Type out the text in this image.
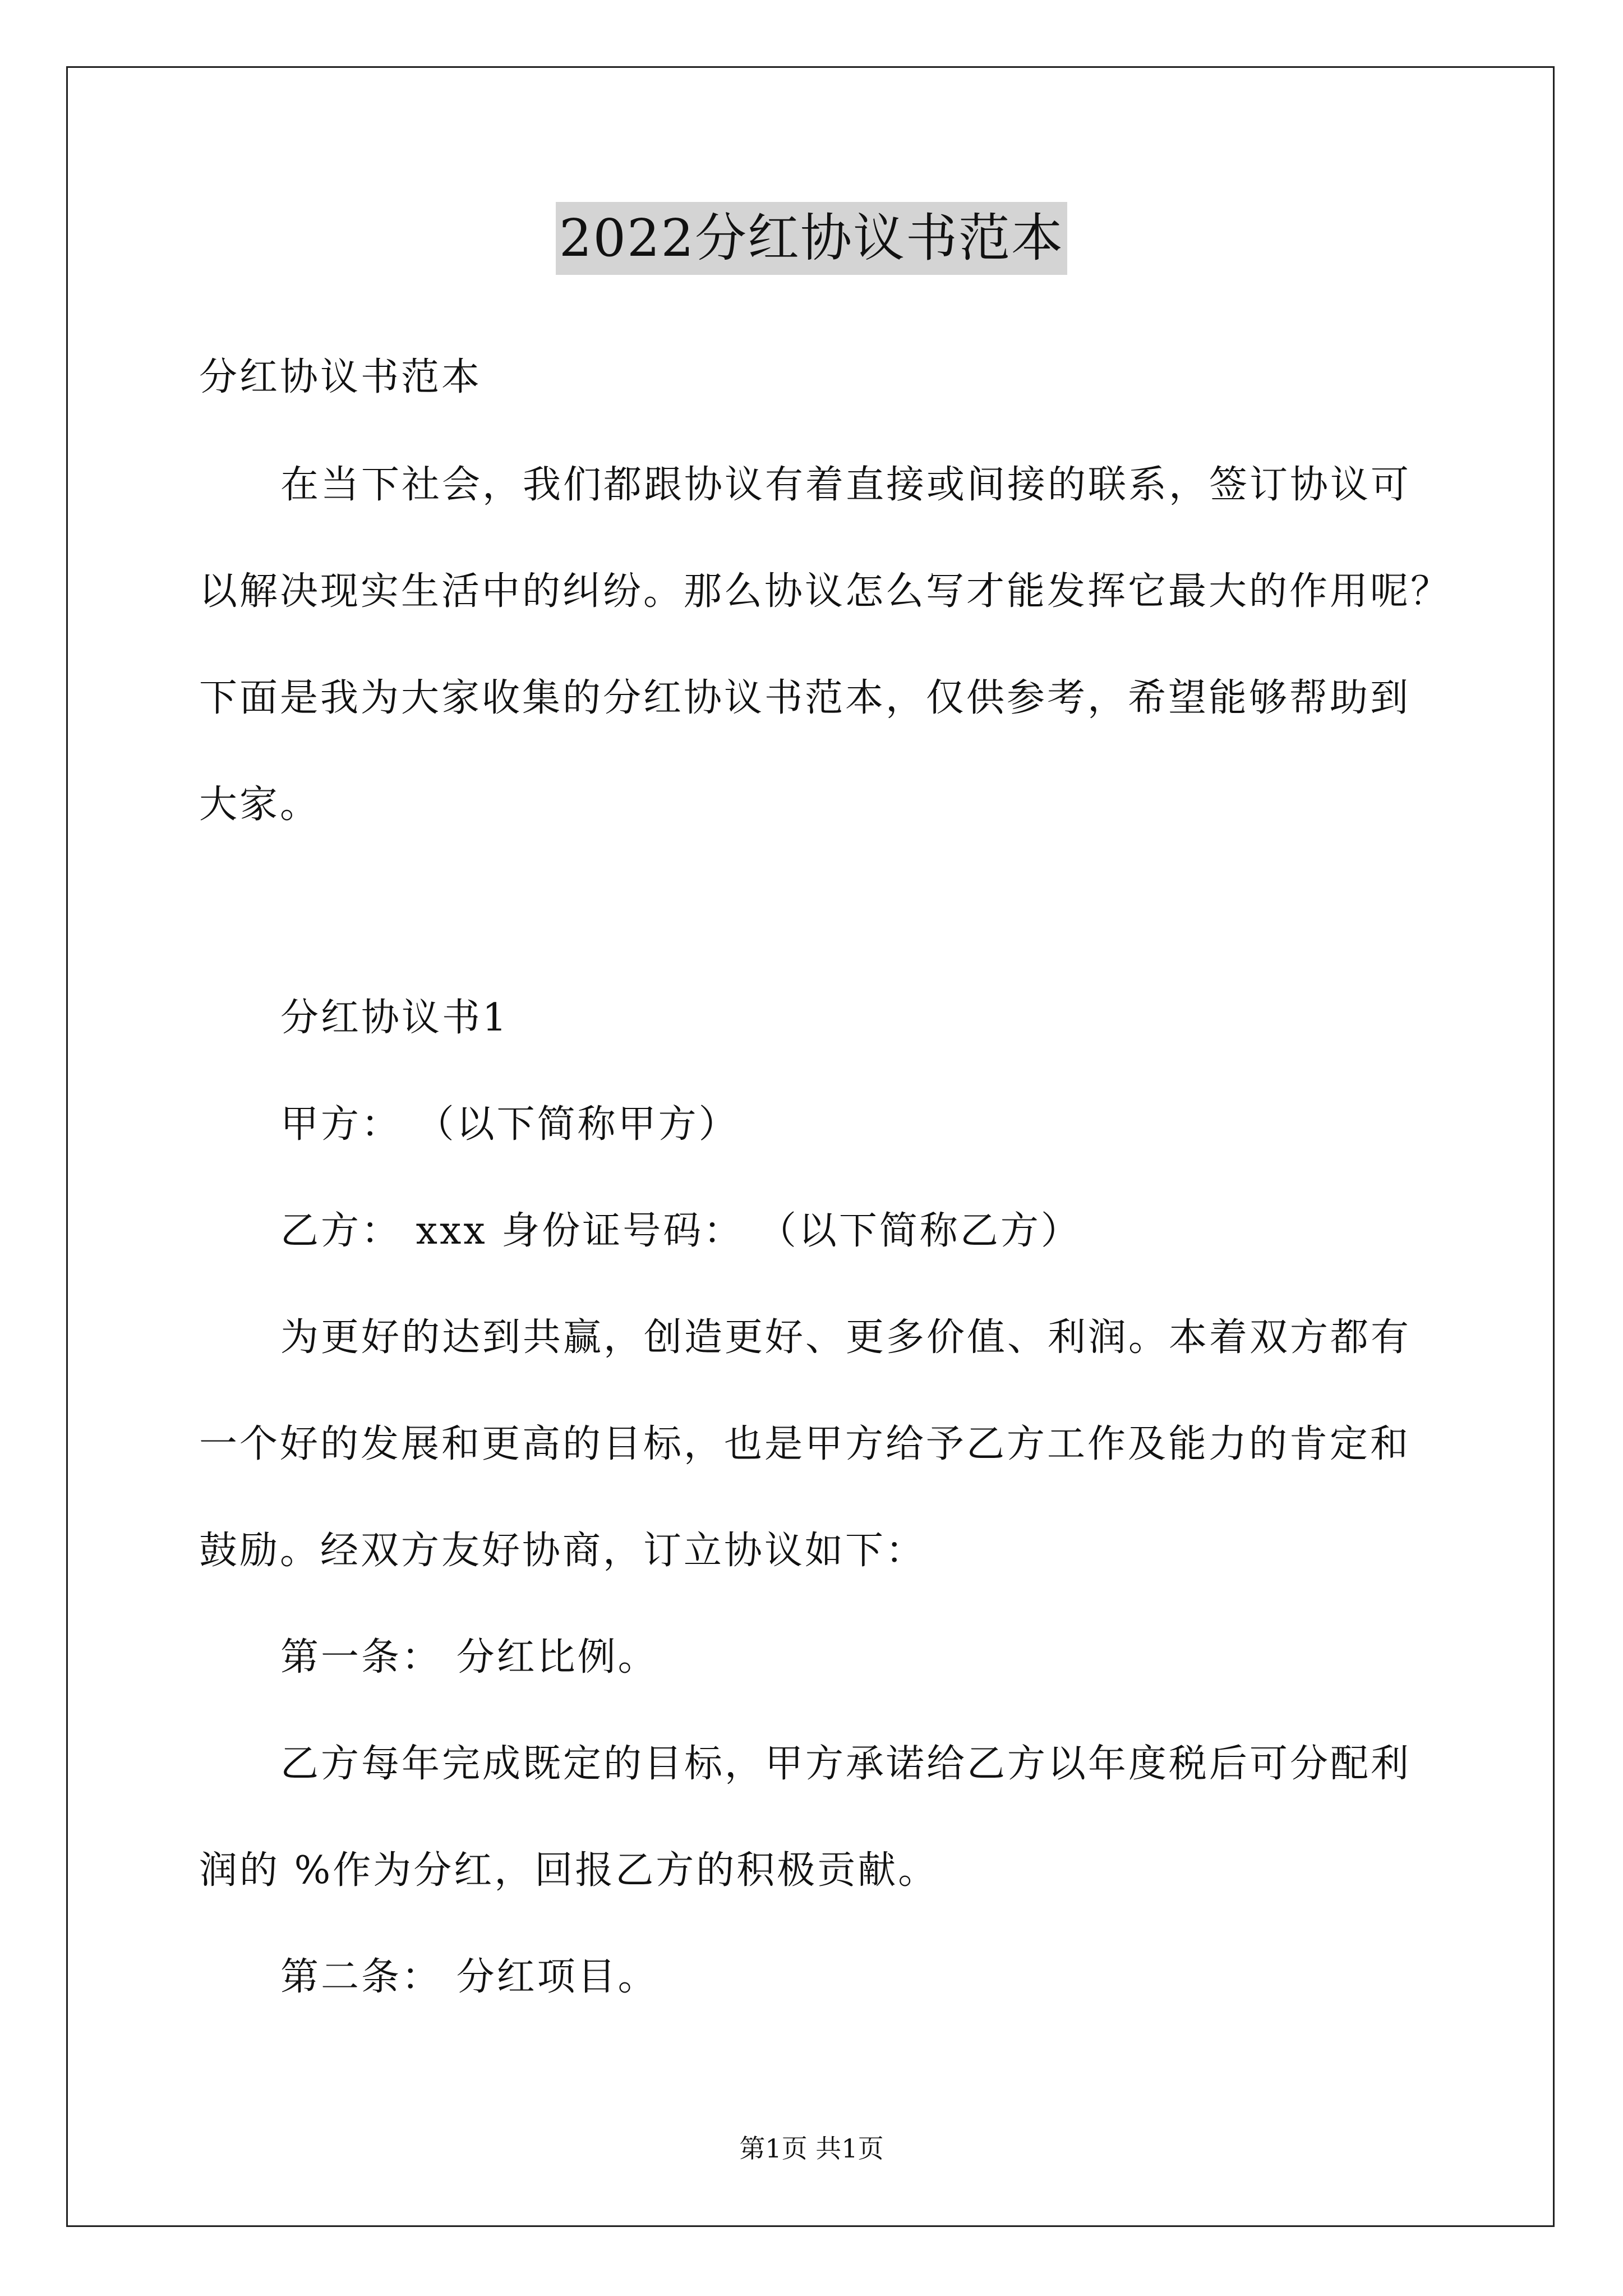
2022分红协议书范本
分红协议书范本
在当下社会，我们都跟协议有着直接或间接的联系，签订协议可
以解决现实生活中的纠纷。那么协议怎么写才能发挥它最大的作用呢？
下面是我为大家收集的分红协议书范本，仅供参考，希望能够帮助到
大家。
分红协议书1
甲方： （以下简称甲方）
乙方： xxx 身份证号码： （以下简称乙方）
为更好的达到共赢，创造更好、更多价值、利润。本着双方都有
一个好的发展和更高的目标，也是甲方给予乙方工作及能力的肯定和
鼓励。经双方友好协商，订立协议如下：
第一条： 分红比例。
乙方每年完成既定的目标，甲方承诺给乙方以年度税后可分配利
润的 %作为分红，回报乙方的积极贡献。
第二条： 分红项目。
第1页 共1页
